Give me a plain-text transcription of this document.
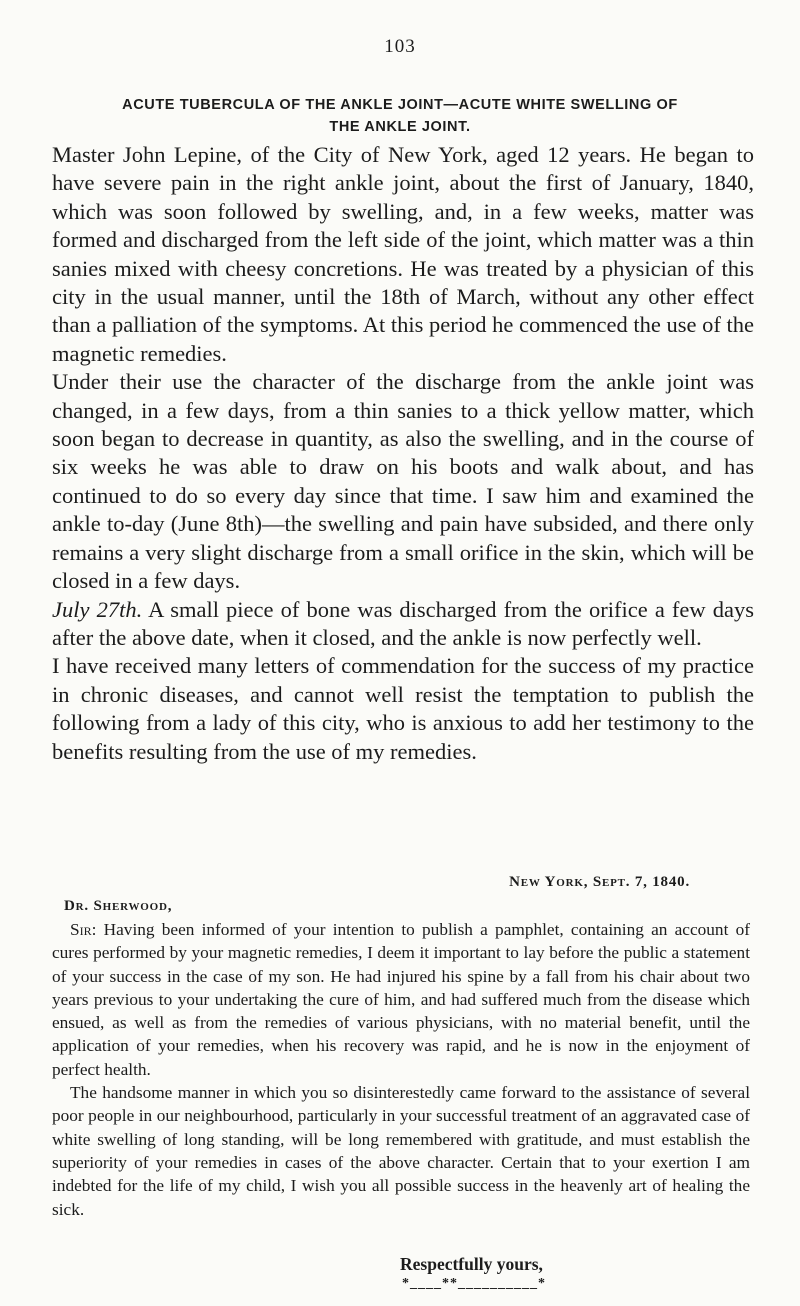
103
ACUTE TUBERCULA OF THE ANKLE JOINT—ACUTE WHITE SWELLING OF
THE ANKLE JOINT.

Master John Lepine, of the City of New York, aged 12 years. He began to have severe pain in the right ankle joint, about the first of January, 1840, which was soon followed by swelling, and, in a few weeks, matter was formed and discharged from the left side of the joint, which matter was a thin sanies mixed with cheesy concretions. He was treated by a physician of this city in the usual manner, until the 18th of March, without any other effect than a palliation of the symptoms. At this period he commenced the use of the magnetic remedies.

Under their use the character of the discharge from the ankle joint was changed, in a few days, from a thin sanies to a thick yellow matter, which soon began to decrease in quantity, as also the swelling, and in the course of six weeks he was able to draw on his boots and walk about, and has continued to do so every day since that time. I saw him and examined the ankle to-day (June 8th)—the swelling and pain have subsided, and there only remains a very slight discharge from a small orifice in the skin, which will be closed in a few days.

July 27th. A small piece of bone was discharged from the orifice a few days after the above date, when it closed, and the ankle is now perfectly well.

I have received many letters of commendation for the success of my practice in chronic diseases, and cannot well resist the temptation to publish the following from a lady of this city, who is anxious to add her testimony to the benefits resulting from the use of my remedies.

New York, Sept. 7, 1840.
Dr. Sherwood,

Sir: Having been informed of your intention to publish a pamphlet, containing an account of cures performed by your magnetic remedies, I deem it important to lay before the public a statement of your success in the case of my son. He had injured his spine by a fall from his chair about two years previous to your undertaking the cure of him, and had suffered much from the disease which ensued, as well as from the remedies of various physicians, with no material benefit, until the application of your remedies, when his recovery was rapid, and he is now in the enjoyment of perfect health.

The handsome manner in which you so disinterestedly came forward to the assistance of several poor people in our neighbourhood, particularly in your successful treatment of an aggravated case of white swelling of long standing, will be long remembered with gratitude, and must establish the superiority of your remedies in cases of the above character. Certain that to your exertion I am indebted for the life of my child, I wish you all possible success in the heavenly art of healing the sick.

Respectfully yours,
*____**__________*
